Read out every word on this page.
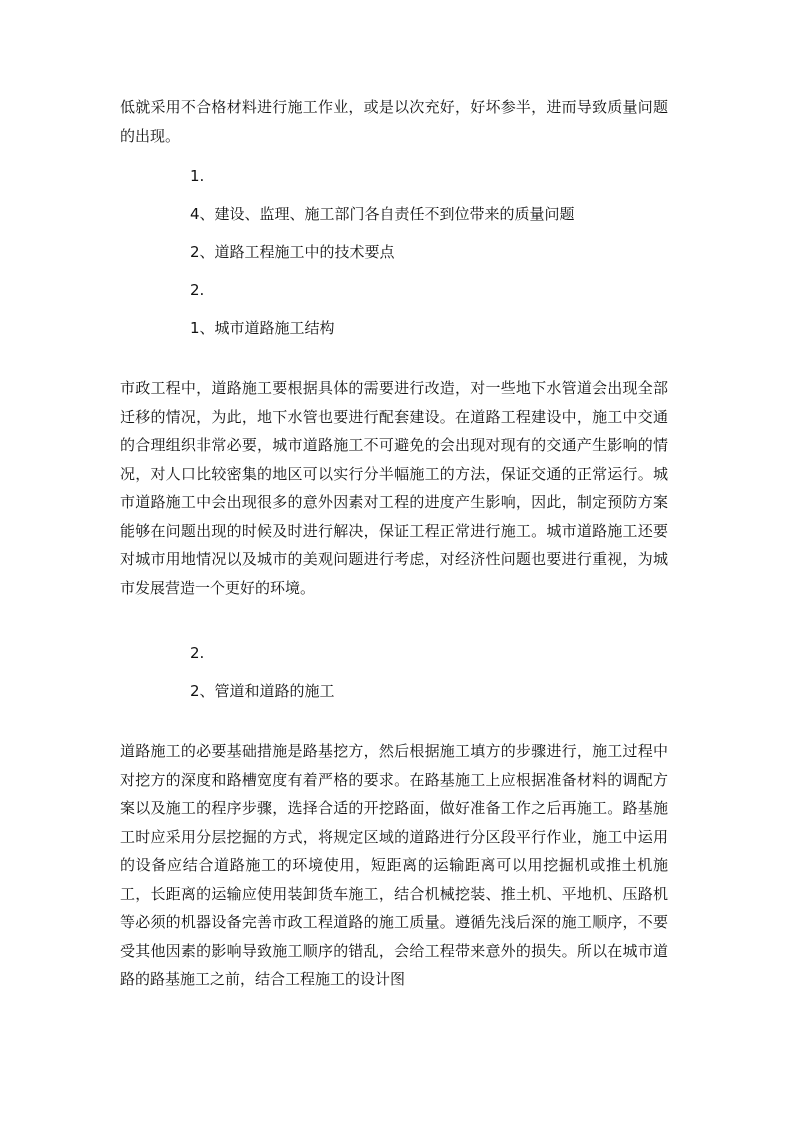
低就采用不合格材料进行施工作业，或是以次充好，好坏参半，进而导致质量问题的出现。

1.

4、建设、监理、施工部门各自责任不到位带来的质量问题

2、道路工程施工中的技术要点

2.

1、城市道路施工结构

市政工程中，道路施工要根据具体的需要进行改造，对一些地下水管道会出现全部迁移的情况，为此，地下水管也要进行配套建设。在道路工程建设中，施工中交通的合理组织非常必要，城市道路施工不可避免的会出现对现有的交通产生影响的情况，对人口比较密集的地区可以实行分半幅施工的方法，保证交通的正常运行。城市道路施工中会出现很多的意外因素对工程的进度产生影响，因此，制定预防方案能够在问题出现的时候及时进行解决，保证工程正常进行施工。城市道路施工还要对城市用地情况以及城市的美观问题进行考虑，对经济性问题也要进行重视，为城市发展营造一个更好的环境。

2.

2、管道和道路的施工

道路施工的必要基础措施是路基挖方，然后根据施工填方的步骤进行，施工过程中对挖方的深度和路槽宽度有着严格的要求。在路基施工上应根据准备材料的调配方案以及施工的程序步骤，选择合适的开挖路面，做好准备工作之后再施工。路基施工时应采用分层挖掘的方式，将规定区域的道路进行分区段平行作业，施工中运用的设备应结合道路施工的环境使用，短距离的运输距离可以用挖掘机或推土机施工，长距离的运输应使用装卸货车施工，结合机械挖装、推土机、平地机、压路机等必须的机器设备完善市政工程道路的施工质量。遵循先浅后深的施工顺序，不要受其他因素的影响导致施工顺序的错乱，会给工程带来意外的损失。所以在城市道路的路基施工之前，结合工程施工的设计图
